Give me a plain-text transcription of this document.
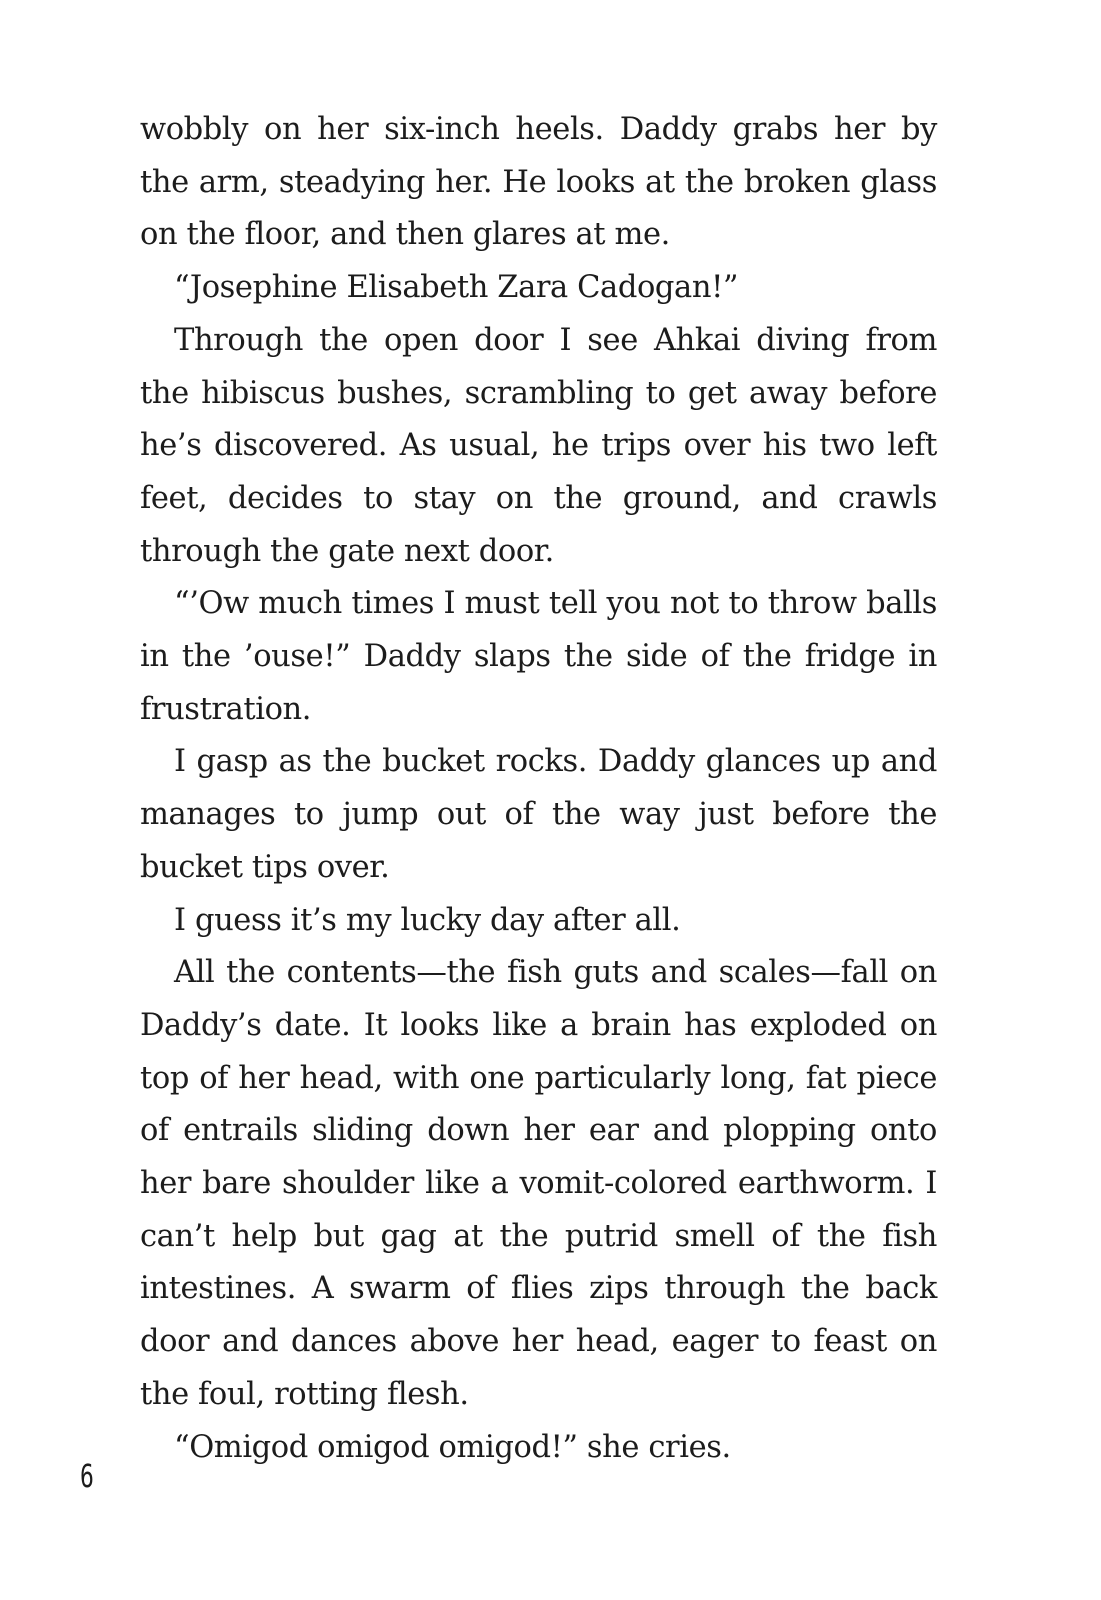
wobbly on her six-inch heels. Daddy grabs her by the arm, steadying her. He looks at the broken glass on the floor, and then glares at me.

“Josephine Elisabeth Zara Cadogan!”

Through the open door I see Ahkai diving from the hibiscus bushes, scrambling to get away before he’s discovered. As usual, he trips over his two left feet, decides to stay on the ground, and crawls through the gate next door.

“’Ow much times I must tell you not to throw balls in the ’ouse!” Daddy slaps the side of the fridge in frustration.

I gasp as the bucket rocks. Daddy glances up and manages to jump out of the way just before the bucket tips over.

I guess it’s my lucky day after all.

All the contents—the fish guts and scales—fall on Daddy’s date. It looks like a brain has exploded on top of her head, with one particularly long, fat piece of entrails sliding down her ear and plopping onto her bare shoulder like a vomit-colored earthworm. I can’t help but gag at the putrid smell of the fish intestines. A swarm of flies zips through the back door and dances above her head, eager to feast on the foul, rotting flesh.

“Omigod omigod omigod!” she cries.

6
